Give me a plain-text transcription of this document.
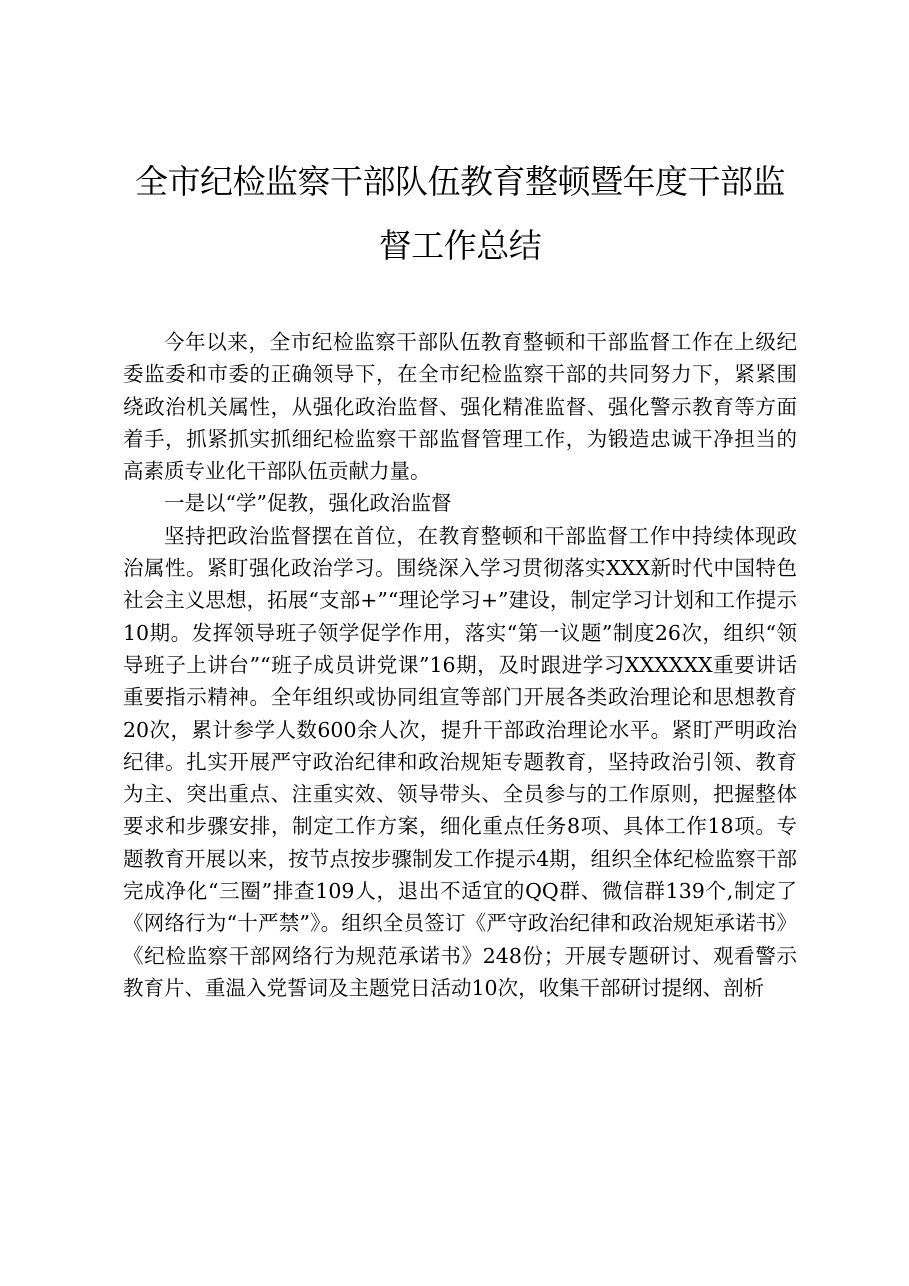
全市纪检监察干部队伍教育整顿暨年度干部监督工作总结

今年以来，全市纪检监察干部队伍教育整顿和干部监督工作在上级纪委监委和市委的正确领导下，在全市纪检监察干部的共同努力下，紧紧围绕政治机关属性，从强化政治监督、强化精准监督、强化警示教育等方面着手，抓紧抓实抓细纪检监察干部监督管理工作，为锻造忠诚干净担当的高素质专业化干部队伍贡献力量。

一是以“学”促教，强化政治监督

坚持把政治监督摆在首位，在教育整顿和干部监督工作中持续体现政治属性。紧盯强化政治学习。围绕深入学习贯彻落实XXX新时代中国特色社会主义思想，拓展“支部+”“理论学习+”建设，制定学习计划和工作提示10期。发挥领导班子领学促学作用，落实“第一议题”制度26次，组织“领导班子上讲台”“班子成员讲党课”16期，及时跟进学习XXXXXX重要讲话重要指示精神。全年组织或协同组宣等部门开展各类政治理论和思想教育20次，累计参学人数600余人次，提升干部政治理论水平。紧盯严明政治纪律。扎实开展严守政治纪律和政治规矩专题教育，坚持政治引领、教育为主、突出重点、注重实效、领导带头、全员参与的工作原则，把握整体要求和步骤安排，制定工作方案，细化重点任务8项、具体工作18项。专题教育开展以来，按节点按步骤制发工作提示4期，组织全体纪检监察干部完成净化“三圈”排查109人，退出不适宜的QQ群、微信群139个,制定了《网络行为“十严禁”》。组织全员签订《严守政治纪律和政治规矩承诺书》《纪检监察干部网络行为规范承诺书》248份；开展专题研讨、观看警示教育片、重温入党誓词及主题党日活动10次，收集干部研讨提纲、剖析
